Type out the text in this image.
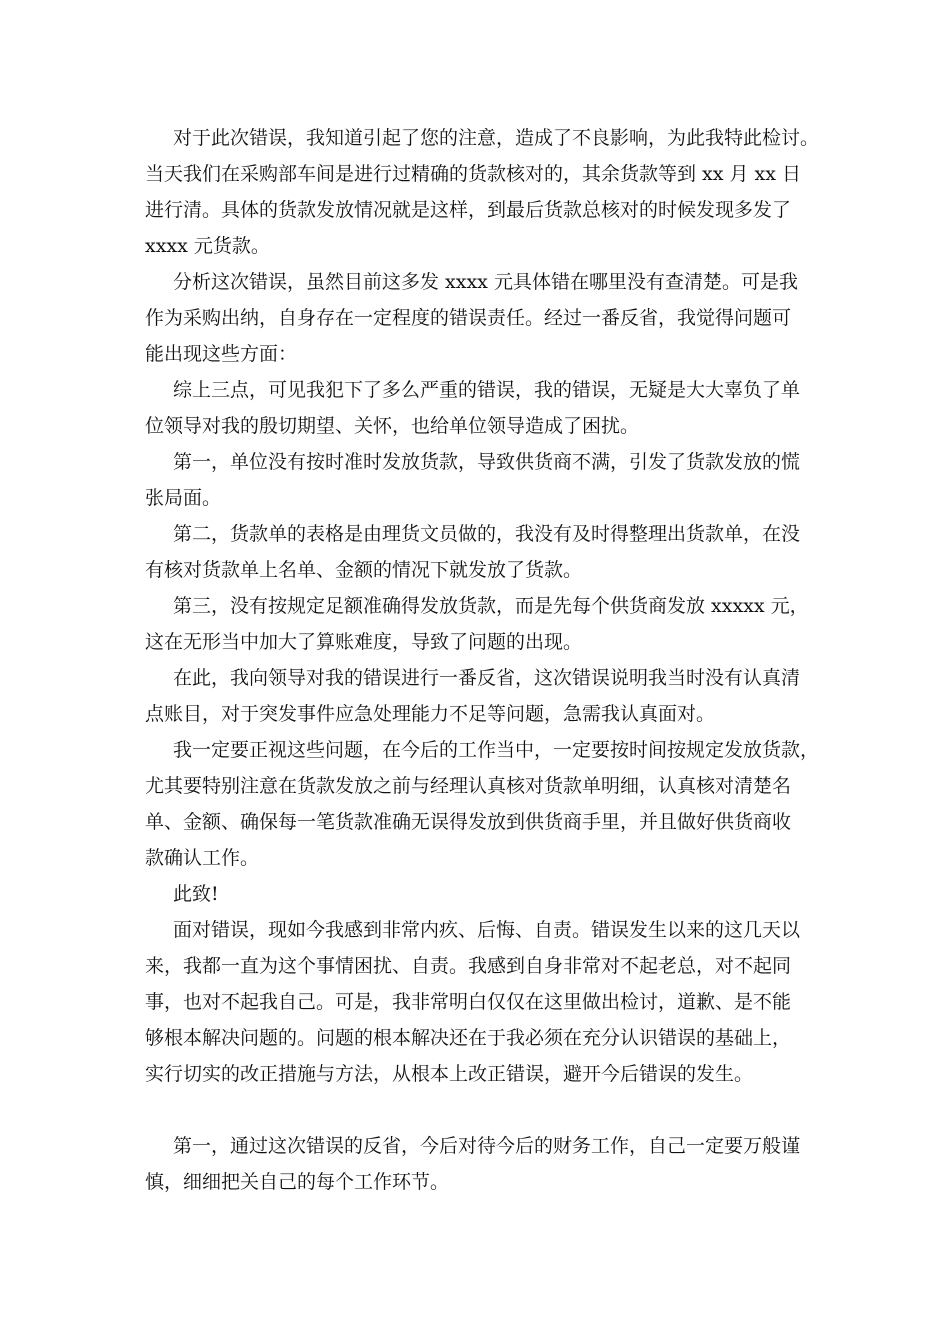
对于此次错误，我知道引起了您的注意，造成了不良影响，为此我特此检讨。
当天我们在采购部车间是进行过精确的货款核对的，其余货款等到 xx 月 xx 日
进行清。具体的货款发放情况就是这样，到最后货款总核对的时候发现多发了
xxxx 元货款。
分析这次错误，虽然目前这多发 xxxx 元具体错在哪里没有查清楚。可是我
作为采购出纳，自身存在一定程度的错误责任。经过一番反省，我觉得问题可
能出现这些方面：
综上三点，可见我犯下了多么严重的错误，我的错误，无疑是大大辜负了单
位领导对我的殷切期望、关怀，也给单位领导造成了困扰。
第一，单位没有按时准时发放货款，导致供货商不满，引发了货款发放的慌
张局面。
第二，货款单的表格是由理货文员做的，我没有及时得整理出货款单，在没
有核对货款单上名单、金额的情况下就发放了货款。
第三，没有按规定足额准确得发放货款，而是先每个供货商发放 xxxxx 元，
这在无形当中加大了算账难度，导致了问题的出现。
在此，我向领导对我的错误进行一番反省，这次错误说明我当时没有认真清
点账目，对于突发事件应急处理能力不足等问题，急需我认真面对。
我一定要正视这些问题，在今后的工作当中，一定要按时间按规定发放货款，
尤其要特别注意在货款发放之前与经理认真核对货款单明细，认真核对清楚名
单、金额、确保每一笔货款准确无误得发放到供货商手里，并且做好供货商收
款确认工作。
此致!
面对错误，现如今我感到非常内疚、后悔、自责。错误发生以来的这几天以
来，我都一直为这个事情困扰、自责。我感到自身非常对不起老总，对不起同
事，也对不起我自己。可是，我非常明白仅仅在这里做出检讨，道歉、是不能
够根本解决问题的。问题的根本解决还在于我必须在充分认识错误的基础上，
实行切实的改正措施与方法，从根本上改正错误，避开今后错误的发生。
第一，通过这次错误的反省，今后对待今后的财务工作，自己一定要万般谨
慎，细细把关自己的每个工作环节。
